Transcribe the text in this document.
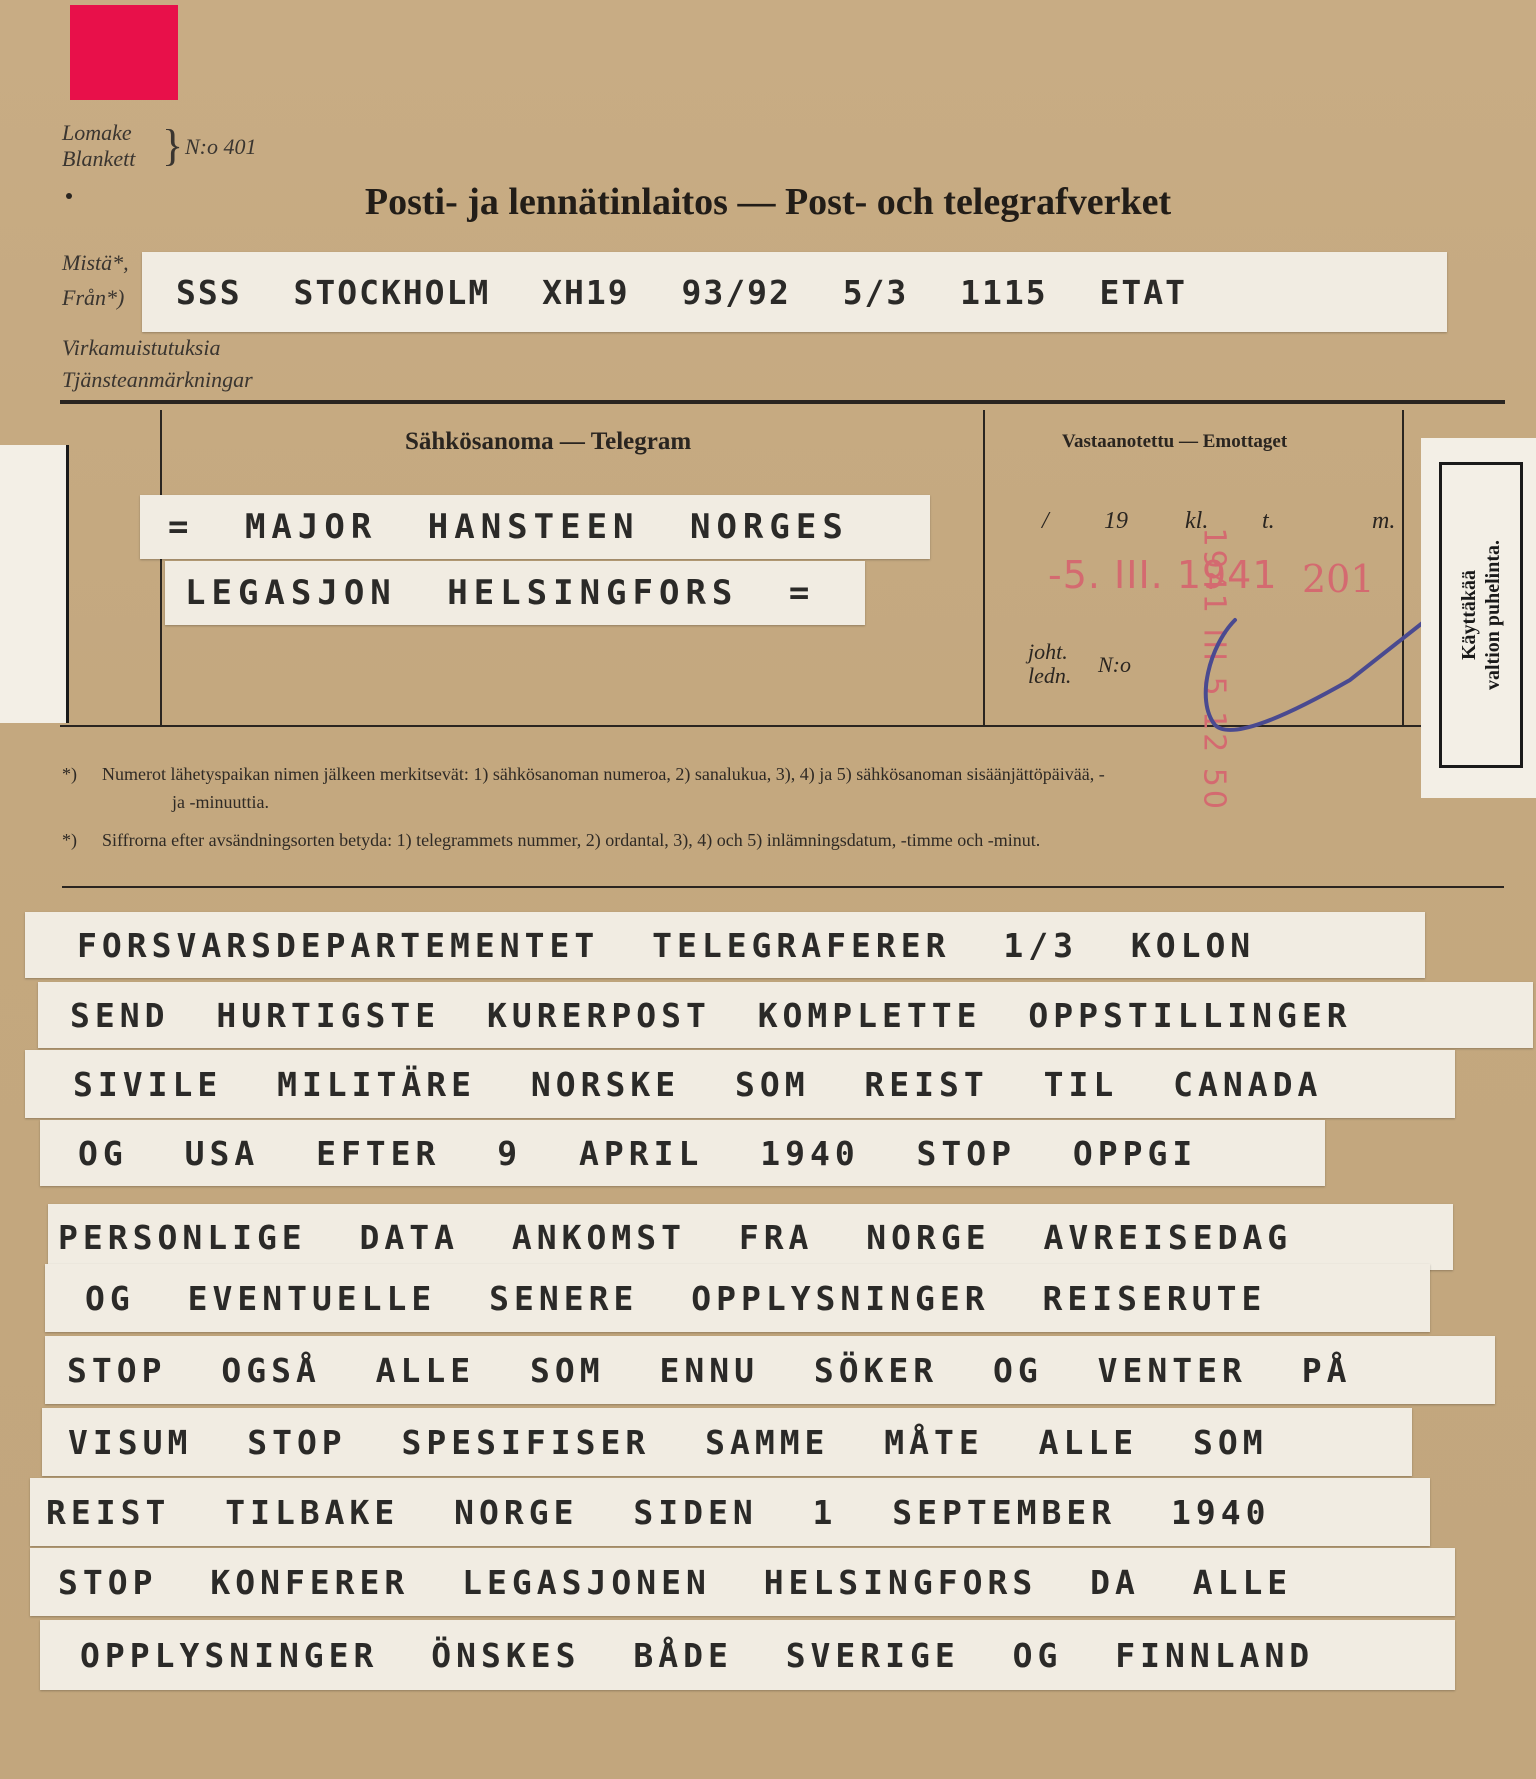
Lomake
Blankett } N:o 401
Posti- ja lennätinlaitos — Post- och telegrafverket
Mistä*,
Från*)	SSS STOCKHOLM XH19 93/92 5/3 1115 ETAT
Virkamuistutuksia
Tjänsteanmärkningar
Sähkösanoma — Telegram	Vastaanotettu — Emottaget
/ 19 kl. t.	m.
-5. III. 1941 201
1941 III 5 12 50
joht.
ledn. N:o
= MAJOR HANSTEEN NORGES
LEGASJON HELSINGFORS =	Käyttäkää valtion puhelinta.
*) Numerot lähetyspaikan nimen jälkeen merkitsevät: 1) sähkösanoman numeroa, 2) sanalukua, 3), 4) ja 5) sähkösanoman sisäänjättöpäivää, -
ja -minuuttia.
*) Siffrorna efter avsändningsorten betyda: 1) telegrammets nummer, 2) ordantal, 3), 4) och 5) inlämningsdatum, -timme och -minut.
FORSVARSDEPARTEMENTET TELEGRAFERER 1/3 KOLON
SEND HURTIGSTE KURERPOST KOMPLETTE OPPSTILLINGER
SIVILE MILITÄRE NORSKE SOM REIST TIL CANADA
OG USA EFTER 9 APRIL 1940 STOP OPPGI
PERSONLIGE DATA ANKOMST FRA NORGE AVREISEDAG
OG EVENTUELLE SENERE OPPLYSNINGER REISERUTE
STOP OGSÅ ALLE SOM ENNU SÖKER OG VENTER PÅ
VISUM STOP SPESIFISER SAMME MÅTE ALLE SOM
REIST TILBAKE NORGE SIDEN 1 SEPTEMBER 1940
STOP KONFERER LEGASJONEN HELSINGFORS DA ALLE
OPPLYSNINGER ÖNSKES BÅDE SVERIGE OG FINNLAND
